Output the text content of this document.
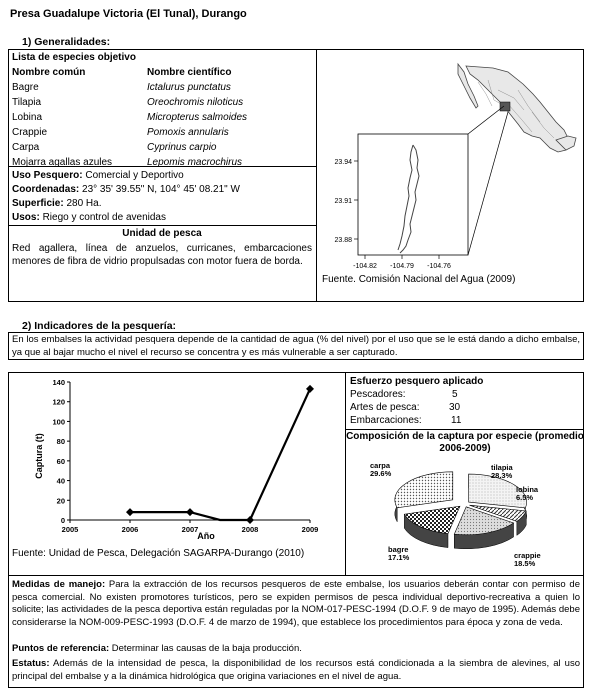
Presa Guadalupe Victoria (El Tunal), Durango
1) Generalidades:
Lista de especies objetivo
Nombre común	Nombre científico
Bagre	Ictalurus punctatus
Tilapia	Oreochromis niloticus
Lobina	Micropterus salmoides
Crappie	Pomoxis annularis
Carpa	Cyprinus carpio
Mojarra agallas azules	Lepomis macrochirus
Uso Pesquero: Comercial y Deportivo
Coordenadas: 23° 35' 39.55" N, 104° 45' 08.21" W
Superficie: 280 Ha.
Usos: Riego y control de avenidas
Unidad de pesca
Red agallera, línea de anzuelos, curricanes, embarcaciones menores de fibra de vidrio propulsadas con motor fuera de borda.
23.94
23.91
23.88
-104.82 -104.79 -104.76
Fuente. Comisión Nacional del Agua (2009)
2) Indicadores de la pesquería:
En los embalses la actividad pesquera depende de la cantidad de agua (% del nivel) por el uso que se le está dando a dicho embalse, ya que al bajar mucho el nivel el recurso se concentra y es más vulnerable a ser capturado.
0
20
40
60
80
100
120
140
2005	2006	2007	2008	2009
Captura (t)
Año
Fuente: Unidad de Pesca, Delegación SAGARPA-Durango (2010)
Esfuerzo pesquero aplicado
Pescadores:	5
Artes de pesca:	30
Embarcaciones:	11
Composición de la captura por especie (promedio 2006-2009)
tilapia
28.3%
lobina
6.5%
crappie
18.5%
bagre
17.1%
carpa
29.6%
Medidas de manejo: Para la extracción de los recursos pesqueros de este embalse, los usuarios deberán contar con permiso de pesca comercial. No existen promotores turísticos, pero se expiden permisos de pesca individual deportivo-recreativa a quien lo solicite; las actividades de la pesca deportiva están reguladas por la NOM-017-PESC-1994 (D.O.F. 9 de mayo de 1995). Además debe considerarse la NOM-009-PESC-1993 (D.O.F. 4 de marzo de 1994), que establece los procedimientos para época y zona de veda.
Puntos de referencia: Determinar las causas de la baja producción.
Estatus: Además de la intensidad de pesca, la disponibilidad de los recursos está condicionada a la siembra de alevines, al uso principal del embalse y a la dinámica hidrológica que origina variaciones en el nivel de agua.
